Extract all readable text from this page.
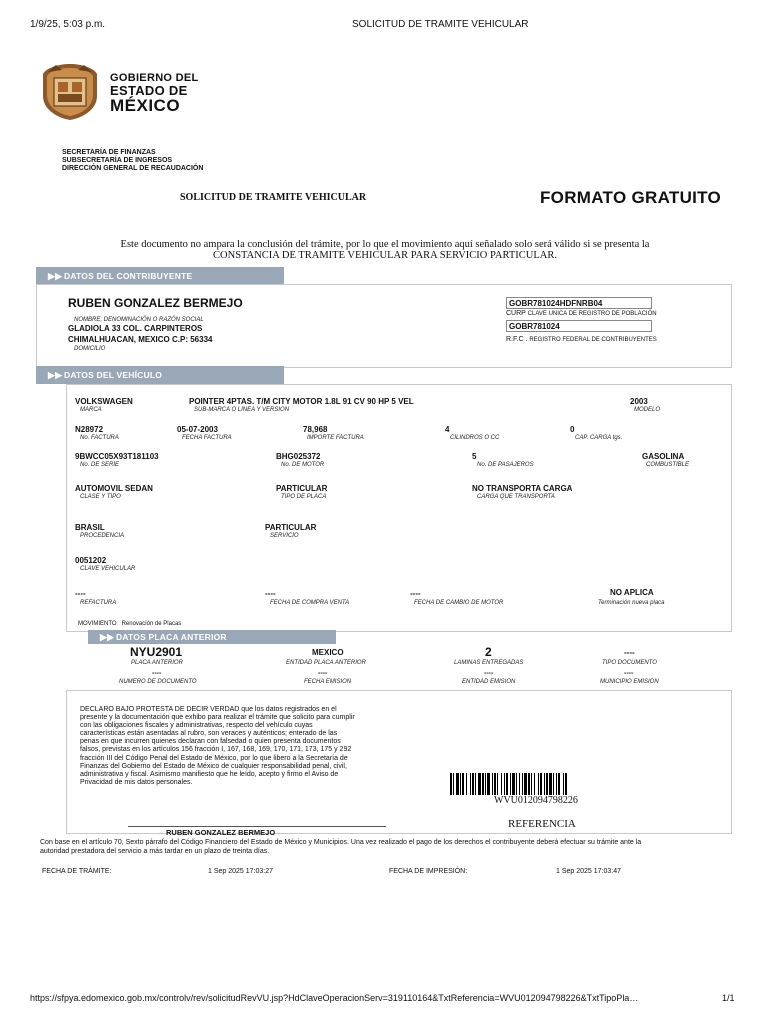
1/9/25, 5:03 p.m.	SOLICITUD DE TRAMITE VEHICULAR
GOBIERNO DEL
ESTADO DE
MÉXICO
SECRETARÍA DE FINANZAS
SUBSECRETARÍA DE INGRESOS
DIRECCIÓN GENERAL DE RECAUDACIÓN
SOLICITUD DE TRAMITE VEHICULAR	FORMATO GRATUITO
Este documento no ampara la conclusión del trámite, por lo que el movimiento aquí señalado solo será válido si se presenta la
CONSTANCIA DE TRAMITE VEHICULAR PARA SERVICIO PARTICULAR.
▶▶ DATOS DEL CONTRIBUYENTE
RUBEN GONZALEZ BERMEJO
NOMBRE, DENOMINACIÓN O RAZÓN SOCIAL
GLADIOLA 33 COL. CARPINTEROS
CHIMALHUACAN, MEXICO C.P: 56334
DOMICILIO
GOBR781024HDFNRB04
CURP CLAVE UNICA DE REGISTRO DE POBLACIÓN
GOBR781024
R.F.C . REGISTRO FEDERAL DE CONTRIBUYENTES
▶▶ DATOS DEL VEHÍCULO
VOLKSWAGEN
MARCA
POINTER 4PTAS. T/M CITY MOTOR 1.8L 91 CV 90 HP 5 VEL
SUB-MARCA O LINEA Y VERSION
2003
MODELO
N28972
No. FACTURA
05-07-2003
FECHA FACTURA
78,968
IMPORTE FACTURA
4
CILINDROS O CC
0
CAP. CARGA tgs.
9BWCC05X93T181103
No. DE SERIE
BHG025372
No. DE MOTOR
5
No. DE PASAJEROS
GASOLINA
COMBUSTIBLE
AUTOMOVIL SEDAN
CLASE Y TIPO
PARTICULAR
TIPO DE PLACA
NO TRANSPORTA CARGA
CARGA QUE TRANSPORTA
BRASIL
PROCEDENCIA
PARTICULAR
SERVICIO
0051202
CLAVE VEHICULAR
----
REFACTURA
----
FECHA DE COMPRA VENTA
----
FECHA DE CAMBIO DE MOTOR
NO APLICA
Terminación nueva placa
MOVIMIENTO Renovación de Placas
▶▶ DATOS PLACA ANTERIOR
NYU2901
PLACA ANTERIOR
MEXICO
ENTIDAD PLACA ANTERIOR
2
LAMINAS ENTREGADAS
----
TIPO DOCUMENTO
----
NUMERO DE DOCUMENTO
----
FECHA EMISION
----
ENTIDAD EMISION
----
MUNICIPIO EMISION
DECLARO BAJO PROTESTA DE DECIR VERDAD que los datos registrados en el
presente y la documentación que exhibo para realizar el trámite que solicito para cumplir
con las obligaciones fiscales y administrativas, respecto del vehículo cuyas
características están asentadas al rubro, son veraces y auténticos; enterado de las
penas en que incurren quienes declaran con falsedad o quien presenta documentos
falsos, previstas en los artículos 156 fracción I, 167, 168, 169, 170, 171, 173, 175 y 292
fracción III del Código Penal del Estado de México, por lo que libero a la Secretaría de
Finanzas del Gobierno del Estado de México de cualquier responsabilidad penal, civil,
administrativa y fiscal. Asimismo manifiesto que he leído, acepto y firmo el Aviso de
Privacidad de mis datos personales.
WVU012094798226
REFERENCIA
RUBEN GONZALEZ BERMEJO
Con base en el artículo 70, Sexto párrafo del Código Financiero del Estado de México y Municipios. Una vez realizado el pago de los derechos el contribuyente deberá efectuar su trámite ante la
autoridad prestadora del servicio a más tardar en un plazo de treinta días.
FECHA DE TRÁMITE:	1 Sep 2025 17:03:27	FECHA DE IMPRESIÓN:	1 Sep 2025 17:03:47
https://sfpya.edomexico.gob.mx/controlv/rev/solicitudRevVU.jsp?HdClaveOperacionServ=319110164&TxtReferencia=WVU012094798226&TxtTipoPla…	1/1
